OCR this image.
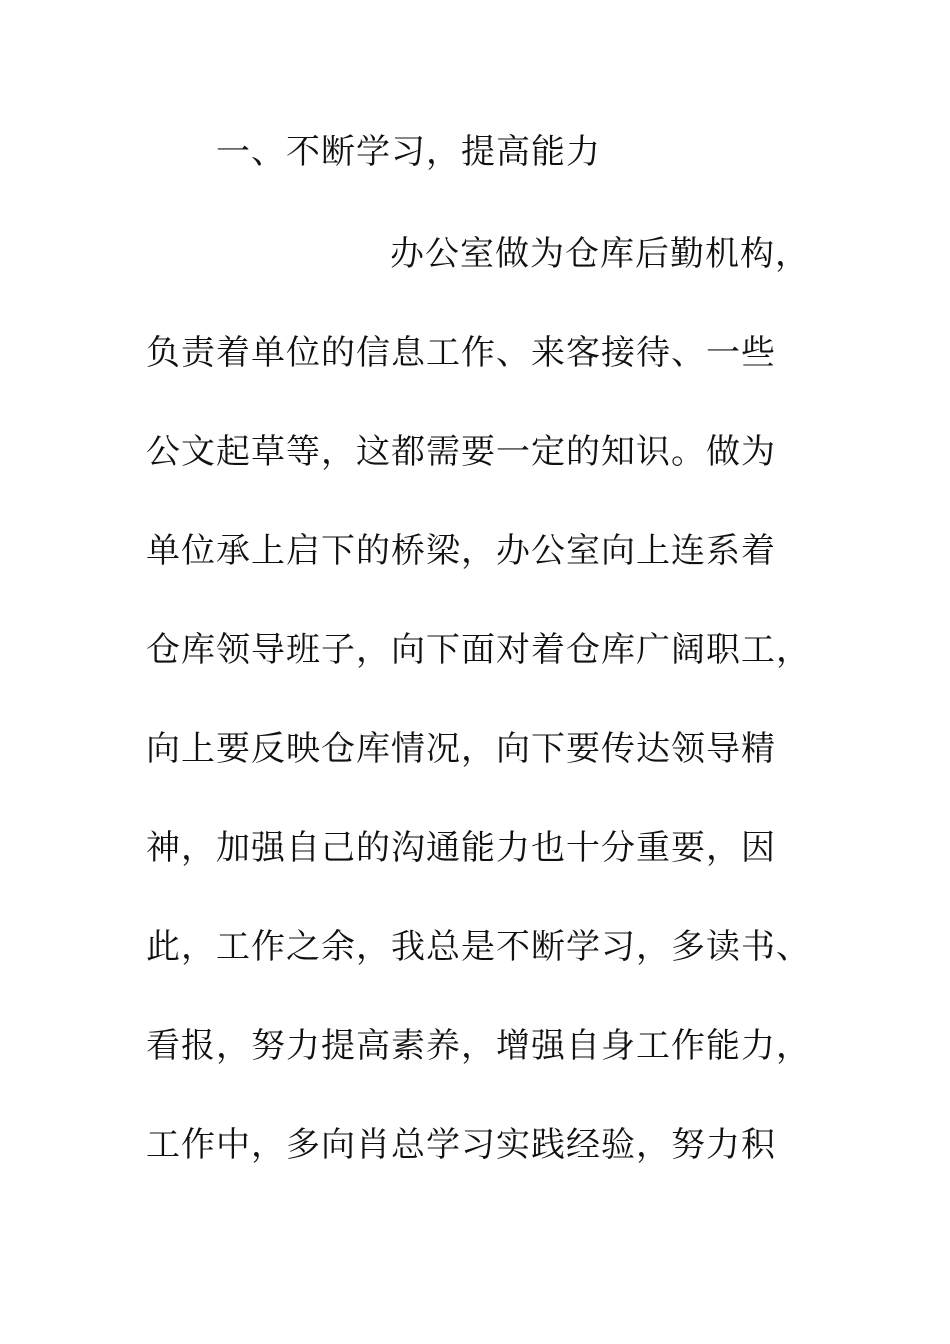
一、不断学习，提高能力
办公室做为仓库后勤机构，
负责着单位的信息工作、来客接待、一些
公文起草等，这都需要一定的知识。做为
单位承上启下的桥梁，办公室向上连系着
仓库领导班子，向下面对着仓库广阔职工，
向上要反映仓库情况，向下要传达领导精
神，加强自己的沟通能力也十分重要，因
此，工作之余，我总是不断学习，多读书、
看报，努力提高素养，增强自身工作能力，
工作中，多向肖总学习实践经验，努力积
